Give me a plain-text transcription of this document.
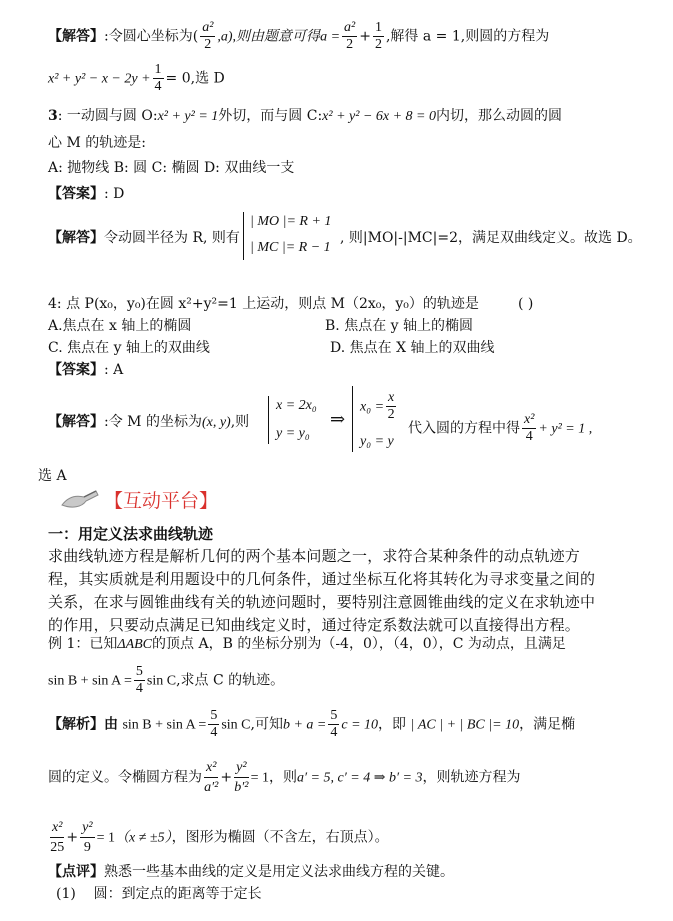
【解答】:令圆心坐标为( $\frac{\text{a²}}{2} ,a$),则由题意可得$a = \frac{\text{a²}}{2} + \frac{1}{2}$ ,解得 a = 1,则圆的方程为
$x^2 + y^2 - x - 2y + \frac{1}{4} = 0$,选 D
3: 一动圆与圆 O:x² + y² = 1外切，而与圆 C:x² + y² − 6x + 8 = 0内切，那么动圆的圆
心 M 的轨迹是:
A: 抛物线 B: 圆 C: 椭圆 D: 双曲线一支
【答案】: D
【解答】令动圆半径为 R, 则有
| MO |= R + 1
| MC |= R − 1
, 则|MO|-|MC|=2，满足双曲线定义。故选 D。
4: 点 P(x₀，y₀)在圆 x²+y²=1 上运动，则点 M（2x₀，y₀）的轨迹是	( )
A.焦点在 x 轴上的椭圆	B. 焦点在 y 轴上的椭圆
C. 焦点在 y 轴上的双曲线	D. 焦点在 X 轴上的双曲线
【答案】: A
【解答】:令 M 的坐标为(x, y),则
x = 2x₀
y = y₀
⇒
$x_0 = \frac{x}{2}$
y₀ = y
代入圆的方程中得 $\frac{\text{x²}}{4} + y^2 = 1$ ,
选 A
【互动平台】
一：用定义法求曲线轨迹
求曲线轨迹方程是解析几何的两个基本问题之一，求符合某种条件的动点轨迹方
程，其实质就是利用题设中的几何条件，通过坐标互化将其转化为寻求变量之间的
关系，在求与圆锥曲线有关的轨迹问题时，要特别注意圆锥曲线的定义在求轨迹中
的作用，只要动点满足已知曲线定义时，通过待定系数法就可以直接得出方程。
例 1：已知ΔABC的顶点 A，B 的坐标分别为（-4，0），（4，0），C 为动点，且满足
$\sin B + \sin A = \frac{5}{4}$ sin C,求点 C 的轨迹。
【解析】由 $\sin B + \sin A = \frac{5}{4}$ sin C,可知$b + a = \frac{5}{4}$ c = 10，即 | AC | + | BC |= 10，满足椭
圆的定义。令椭圆方程为 $\frac{\text{x²}}{\text{a′²}} + \frac{\text{y²}}{\text{b′²}} = 1$，则a′ = 5, c′ = 4 ⇒ b′ = 3，则轨迹方程为
$\frac{\text{x²}}{25} + \frac{\text{y²}}{9} = 1(x \ne \pm 5)$，图形为椭圆（不含左，右顶点）。
【点评】熟悉一些基本曲线的定义是用定义法求曲线方程的关键。
(1) 圆：到定点的距离等于定长
